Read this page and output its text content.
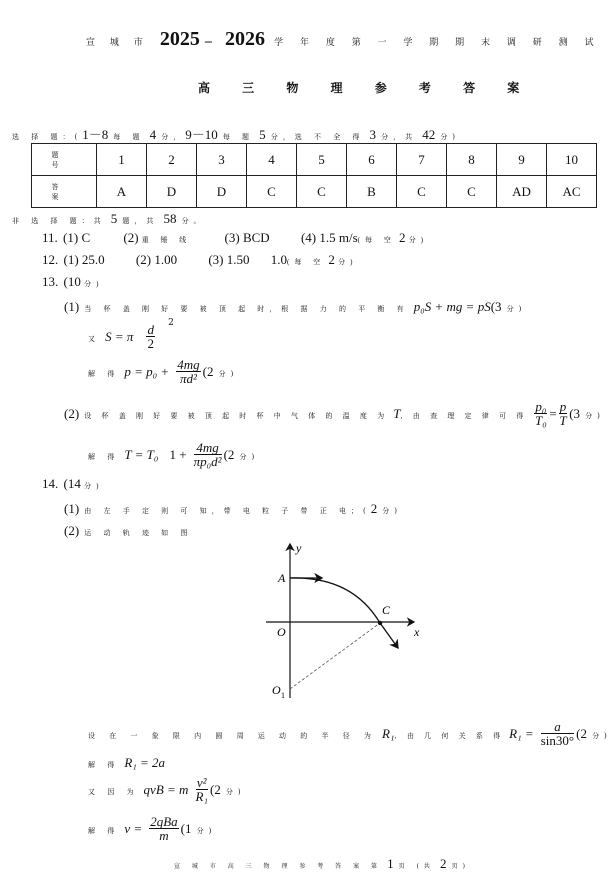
宣 城 市 2025 – 2026 学 年 度 第 一 学 期 期 末 调 研 测 试
高 三 物 理 参 考 答 案
选 择 题：(1－8 每 题 4 分，9－10 每 题 5 分，选 不 全 得 3 分，共 42 分)
题 号	1	2	3	4	5	6	7	8	9	10
答 案	A	D	D	C	C	B	C	C	AD	AC
非 选 择 题：共 5 题，共 58 分。
11. (1) C	(2) 重 锤 线	(3) BCD (4) 1.5 m/s(每 空 2 分)
12. (1) 25.0 (2) 1.00 (3) 1.50 1.0(每 空 2 分)
13. (10 分)
(1) 当 杯 盖 刚 好 要 被 顶 起 时，根 据 力 的 平 衡 有 p₀S + mg = pS(3 分)
又 S = π $\frac{d}{2} ^2$
解 得 $p = p_0 + \frac{4mg}{\text{πd²}} (2$ 分)
(2) 设 杯 盖 刚 好 要 被 顶 起 时 杯 中 气 体 的 温 度 为 T, 由 查 理 定 律 可 得 $\frac{\text{p₀}}{\text{T₀}} = \frac{p}{T} (3$ 分)
解 得 T = T₀ $1 + \frac{4mg}{\text{πp₀d²}} (2$ 分)
14. (14 分)
(1) 由 左 手 定 则 可 知，带 电 粒 子 带 正 电；(2 分)
(2) 运 动 轨 迹 如 图
y
x
A
O
C
O 1
设 在 一 象 限 内 圆 周 运 动 的 半 径 为 R₁, 由 几 何 关 系 得 $R_1 = \frac{a}{\sin 30^\circ} (2$ 分)
解 得 R₁ = 2a
又 因 为 qvB = m $\frac{\text{v²}}{\text{R₁}} (2$ 分)
解 得 $v = \frac{\text{2qBa}}{m} (1$ 分)
宣 城 市 高 三 物 理 参 考 答 案 第 1 页 (共 2 页)
